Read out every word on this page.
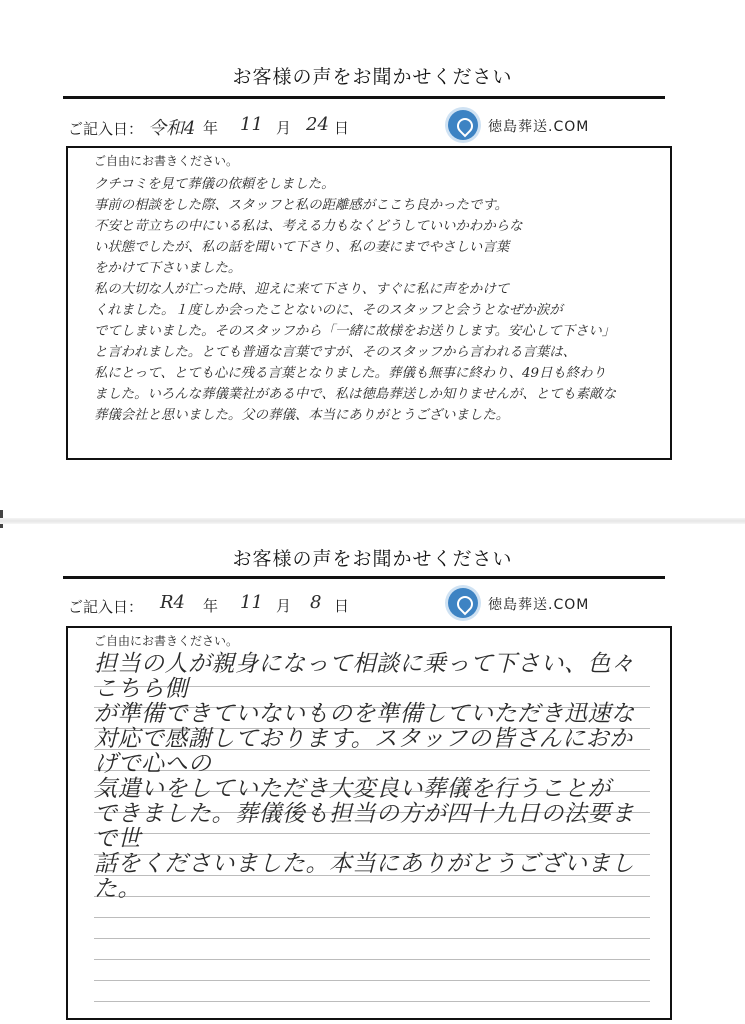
お客様の声をお聞かせください
ご記入日： 令和4 年 11 月 24 日	徳島葬送.COM
ご自由にお書きください。
クチコミを見て葬儀の依頼をしました。
事前の相談をした際、スタッフと私の距離感がここち良かったです。
不安と苛立ちの中にいる私は、考える力もなくどうしていいかわからな
い状態でしたが、私の話を聞いて下さり、私の妻にまでやさしい言葉
をかけて下さいました。
私の大切な人が亡った時、迎えに来て下さり、すぐに私に声をかけて
くれました。１度しか会ったことないのに、そのスタッフと会うとなぜか涙が
でてしまいました。そのスタッフから「一緒に故様をお送りします。安心して下さい」
と言われました。とても普通な言葉ですが、そのスタッフから言われる言葉は、
私にとって、とても心に残る言葉となりました。葬儀も無事に終わり、49日も終わり
ました。いろんな葬儀業社がある中で、私は徳島葬送しか知りませんが、とても素敵な
葬儀会社と思いました。父の葬儀、本当にありがとうございました。
お客様の声をお聞かせください
ご記入日： R4 年 11 月 8 日	徳島葬送.COM
ご自由にお書きください。
担当の人が親身になって相談に乗って下さい、色々こちら側
が準備できていないものを準備していただき迅速な
対応で感謝しております。スタッフの皆さんにおかげで心への
気遣いをしていただき大変良い葬儀を行うことが
できました。葬儀後も担当の方が四十九日の法要まで世
話をくださいました。本当にありがとうございました。
